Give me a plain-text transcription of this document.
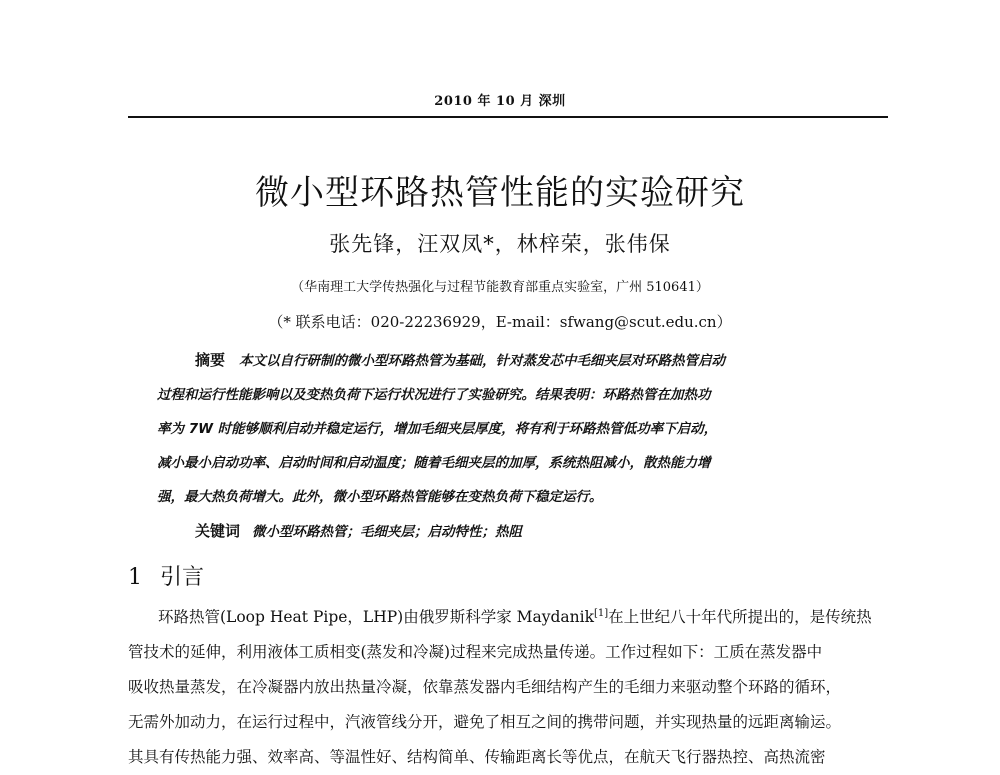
2010 年 10 月 深圳
微小型环路热管性能的实验研究
张先锋，汪双凤*，林梓荣，张伟保
（华南理工大学传热强化与过程节能教育部重点实验室，广州 510641）
（* 联系电话：020-22236929，E-mail：sfwang@scut.edu.cn）
摘要 本文以自行研制的微小型环路热管为基础，针对蒸发芯中毛细夹层对环路热管启动
过程和运行性能影响以及变热负荷下运行状况进行了实验研究。结果表明：环路热管在加热功
率为 7W 时能够顺利启动并稳定运行，增加毛细夹层厚度，将有利于环路热管低功率下启动，
减小最小启动功率、启动时间和启动温度；随着毛细夹层的加厚，系统热阻减小，散热能力增
强，最大热负荷增大。此外，微小型环路热管能够在变热负荷下稳定运行。
关键词 微小型环路热管；毛细夹层；启动特性；热阻
1 引言
环路热管(Loop Heat Pipe，LHP)由俄罗斯科学家 Maydanik[1]在上世纪八十年代所提出的，是传统热
管技术的延伸，利用液体工质相变(蒸发和冷凝)过程来完成热量传递。工作过程如下：工质在蒸发器中
吸收热量蒸发，在冷凝器内放出热量冷凝，依靠蒸发器内毛细结构产生的毛细力来驱动整个环路的循环，
无需外加动力，在运行过程中，汽液管线分开，避免了相互之间的携带问题，并实现热量的远距离输运。
其具有传热能力强、效率高、等温性好、结构简单、传输距离长等优点，在航天飞行器热控、高热流密
